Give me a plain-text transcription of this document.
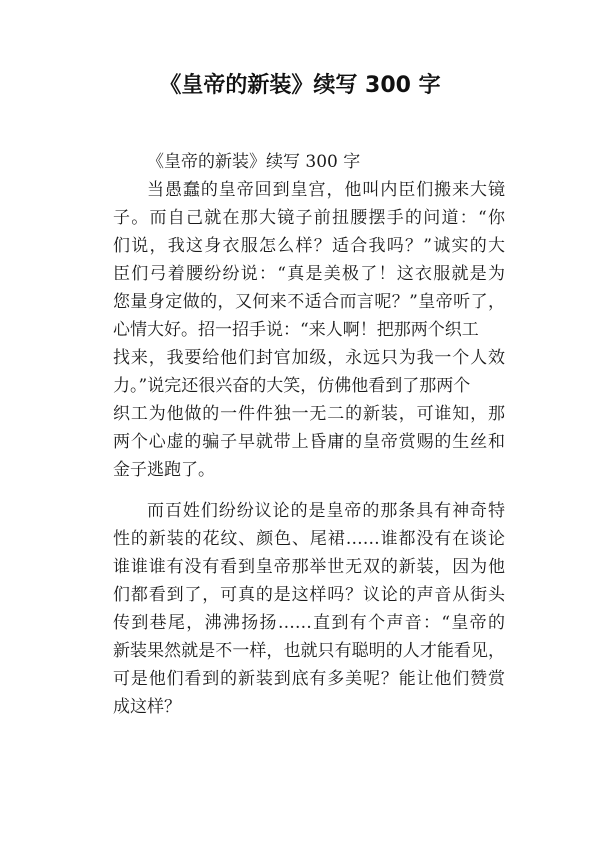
《皇帝的新装》续写 300 字
《皇帝的新装》续写 300 字
当愚蠢的皇帝回到皇宫，他叫内臣们搬来大镜
子。而自己就在那大镜子前扭腰摆手的问道：“你
们说，我这身衣服怎么样？适合我吗？”诚实的大
臣们弓着腰纷纷说：“真是美极了！这衣服就是为
您量身定做的，又何来不适合而言呢？”皇帝听了，
心情大好。招一招手说：“来人啊！把那两个织工
找来，我要给他们封官加级，永远只为我一个人效
力。”说完还很兴奋的大笑，仿佛他看到了那两个
织工为他做的一件件独一无二的新装，可谁知，那
两个心虚的骗子早就带上昏庸的皇帝赏赐的生丝和
金子逃跑了。
而百姓们纷纷议论的是皇帝的那条具有神奇特
性的新装的花纹、颜色、尾裙……谁都没有在谈论
谁谁谁有没有看到皇帝那举世无双的新装，因为他
们都看到了，可真的是这样吗？议论的声音从街头
传到巷尾，沸沸扬扬……直到有个声音：“皇帝的
新装果然就是不一样，也就只有聪明的人才能看见，
可是他们看到的新装到底有多美呢？能让他们赞赏
成这样？
